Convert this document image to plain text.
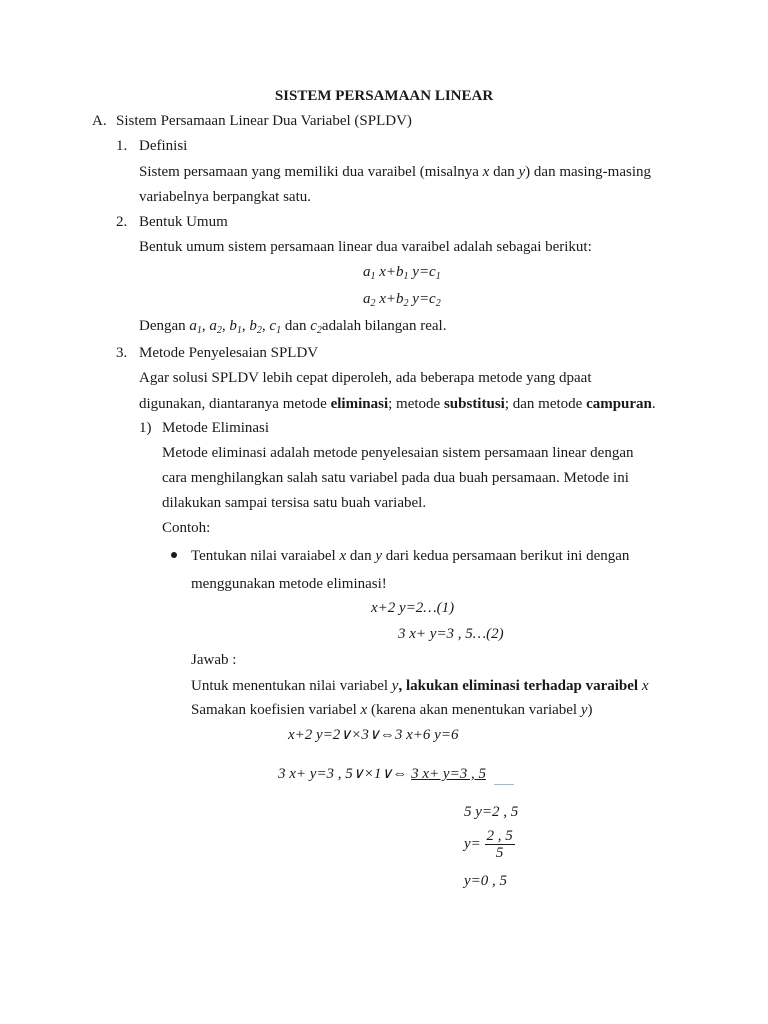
SISTEM PERSAMAAN LINEAR
A. Sistem Persamaan Linear Dua Variabel (SPLDV)
1. Definisi
Sistem persamaan yang memiliki dua varaibel (misalnya x dan y) dan masing-masing
variabelnya berpangkat satu.
2. Bentuk Umum
Bentuk umum sistem persamaan linear dua varaibel adalah sebagai berikut:
$a_1$ $x+b_1$ $y=c_1$
$a_2$ $x+b_2$ $y=c_2$
Dengan $a_1$, $a_2$, $b_1$, $b_2$, $c_1$ dan $c_2adalah$ bilangan real.
3. Metode Penyelesaian SPLDV
Agar solusi SPLDV lebih cepat diperoleh, ada beberapa metode yang dpaat
digunakan, diantaranya metode eliminasi; metode substitusi; dan metode campuran.
1) Metode Eliminasi
Metode eliminasi adalah metode penyelesaian sistem persamaan linear dengan
cara menghilangkan salah satu variabel pada dua buah persamaan. Metode ini
dilakukan sampai tersisa satu buah variabel.
Contoh:
Tentukan nilai varaiabel x dan y dari kedua persamaan berikut ini dengan
menggunakan metode eliminasi!
x+2 y=2…(1)
3 x+ y=3 , 5…(2)
Jawab :
Untuk menentukan nilai variabel y, lakukan eliminasi terhadap varaibel x
Samakan koefisien variabel x (karena akan menentukan variabel y)
x+2 y=2∨×3∨⇔3 x+6 y=6
3 x+ y=3 , 5∨×1∨⇔ 3 x+ y=3 , 5
5 y=2 , 5
$y= \frac{2 , 5}{5}$
y=0 , 5
